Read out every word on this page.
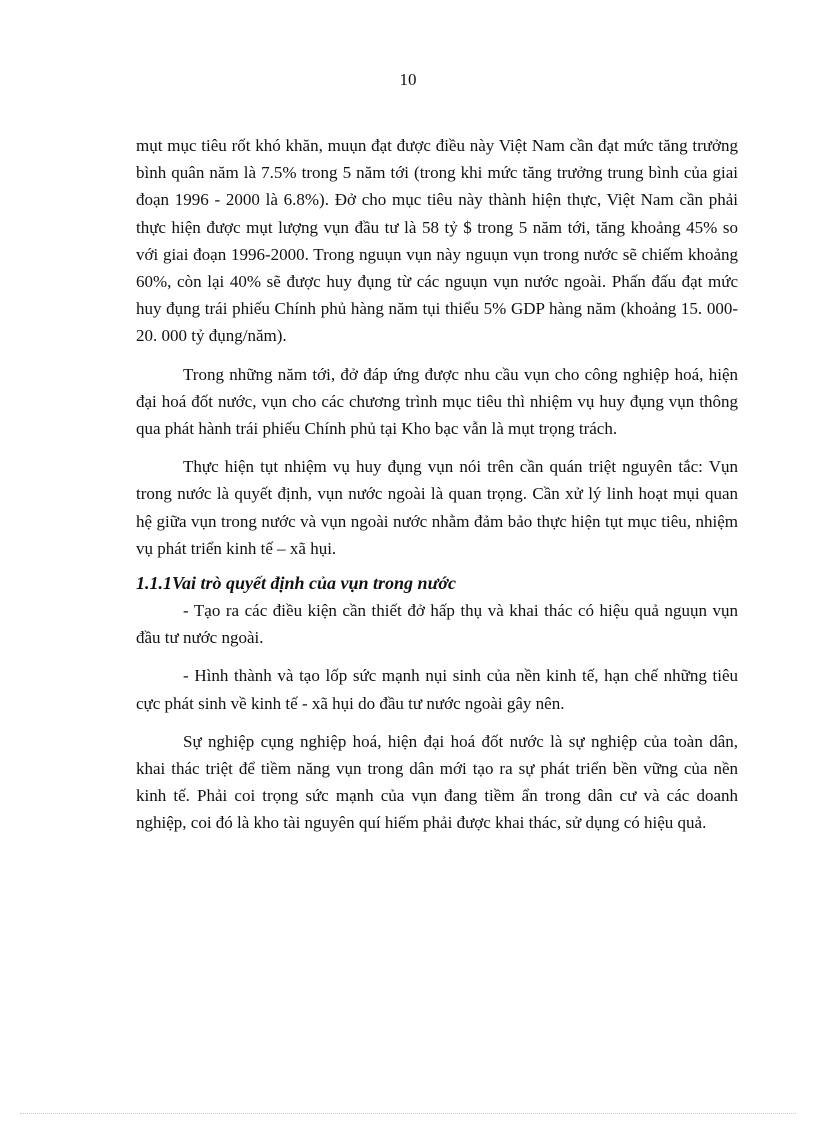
10

mụt mục tiêu rốt khó khăn, muụn đạt được điều này Việt Nam cần đạt mức tăng trưởng bình quân năm là 7.5% trong 5 năm tới (trong khi mức tăng trưởng trung bình của giai đoạn 1996 - 2000 là 6.8%). Đở cho mục tiêu này thành hiện thực, Việt Nam cần phải thực hiện được mụt lượng vụn đầu tư là 58 tỷ $ trong 5 năm tới, tăng khoảng 45% so với giai đoạn 1996-2000. Trong nguụn vụn này nguụn vụn trong nước sẽ chiếm khoảng 60%, còn lại 40% sẽ được huy đụng từ các nguụn vụn nước ngoài. Phấn đấu đạt mức huy đụng trái phiếu Chính phủ hàng năm tụi thiểu 5% GDP hàng năm (khoảng 15. 000-20. 000 tỷ đụng/năm).

Trong những năm tới, đở đáp ứng được nhu cầu vụn cho công nghiệp hoá, hiện đại hoá đốt nước, vụn cho các chương trình mục tiêu thì nhiệm vụ huy đụng vụn thông qua phát hành trái phiếu Chính phủ tại Kho bạc vẫn là mụt trọng trách.

Thực hiện tụt nhiệm vụ huy đụng vụn nói trên cần quán triệt nguyên tắc: Vụn trong nước là quyết định, vụn nước ngoài là quan trọng. Cần xử lý linh hoạt mụi quan hệ giữa vụn trong nước và vụn ngoài nước nhằm đảm bảo thực hiện tụt mục tiêu, nhiệm vụ phát triển kinh tế – xã hụi.

1.1.1Vai trò quyết định của vụn trong nước

- Tạo ra các điều kiện cần thiết đở hấp thụ và khai thác có hiệu quả nguụn vụn đầu tư nước ngoài.

- Hình thành và tạo lốp sức mạnh nụi sinh của nền kinh tế, hạn chế những tiêu cực phát sinh về kinh tế - xã hụi do đầu tư nước ngoài gây nên.

Sự nghiệp cụng nghiệp hoá, hiện đại hoá đốt nước là sự nghiệp của toàn dân, khai thác triệt để tiềm năng vụn trong dân mới tạo ra sự phát triển bền vững của nền kinh tế. Phải coi trọng sức mạnh của vụn đang tiềm ẩn trong dân cư và các doanh nghiệp, coi đó là kho tài nguyên quí hiếm phải được khai thác, sử dụng có hiệu quả.
